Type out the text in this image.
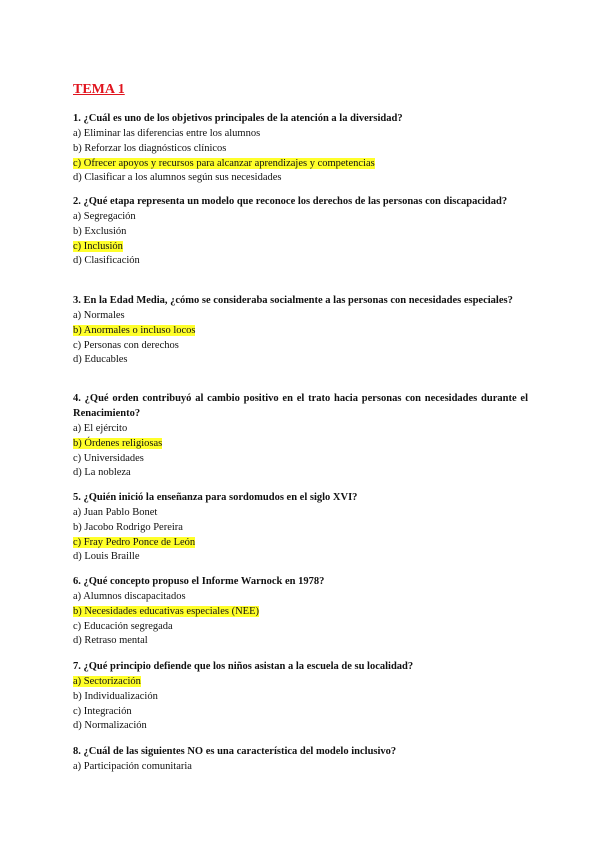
TEMA 1
1. ¿Cuál es uno de los objetivos principales de la atención a la diversidad?
a) Eliminar las diferencias entre los alumnos
b) Reforzar los diagnósticos clínicos
c) Ofrecer apoyos y recursos para alcanzar aprendizajes y competencias
d) Clasificar a los alumnos según sus necesidades
2. ¿Qué etapa representa un modelo que reconoce los derechos de las personas con discapacidad?
a) Segregación
b) Exclusión
c) Inclusión
d) Clasificación
3. En la Edad Media, ¿cómo se consideraba socialmente a las personas con necesidades especiales?
a) Normales
b) Anormales o incluso locos
c) Personas con derechos
d) Educables
4. ¿Qué orden contribuyó al cambio positivo en el trato hacia personas con necesidades durante el Renacimiento?
a) El ejército
b) Órdenes religiosas
c) Universidades
d) La nobleza
5. ¿Quién inició la enseñanza para sordomudos en el siglo XVI?
a) Juan Pablo Bonet
b) Jacobo Rodrigo Pereira
c) Fray Pedro Ponce de León
d) Louis Braille
6. ¿Qué concepto propuso el Informe Warnock en 1978?
a) Alumnos discapacitados
b) Necesidades educativas especiales (NEE)
c) Educación segregada
d) Retraso mental
7. ¿Qué principio defiende que los niños asistan a la escuela de su localidad?
a) Sectorización
b) Individualización
c) Integración
d) Normalización
8. ¿Cuál de las siguientes NO es una característica del modelo inclusivo?
a) Participación comunitaria
